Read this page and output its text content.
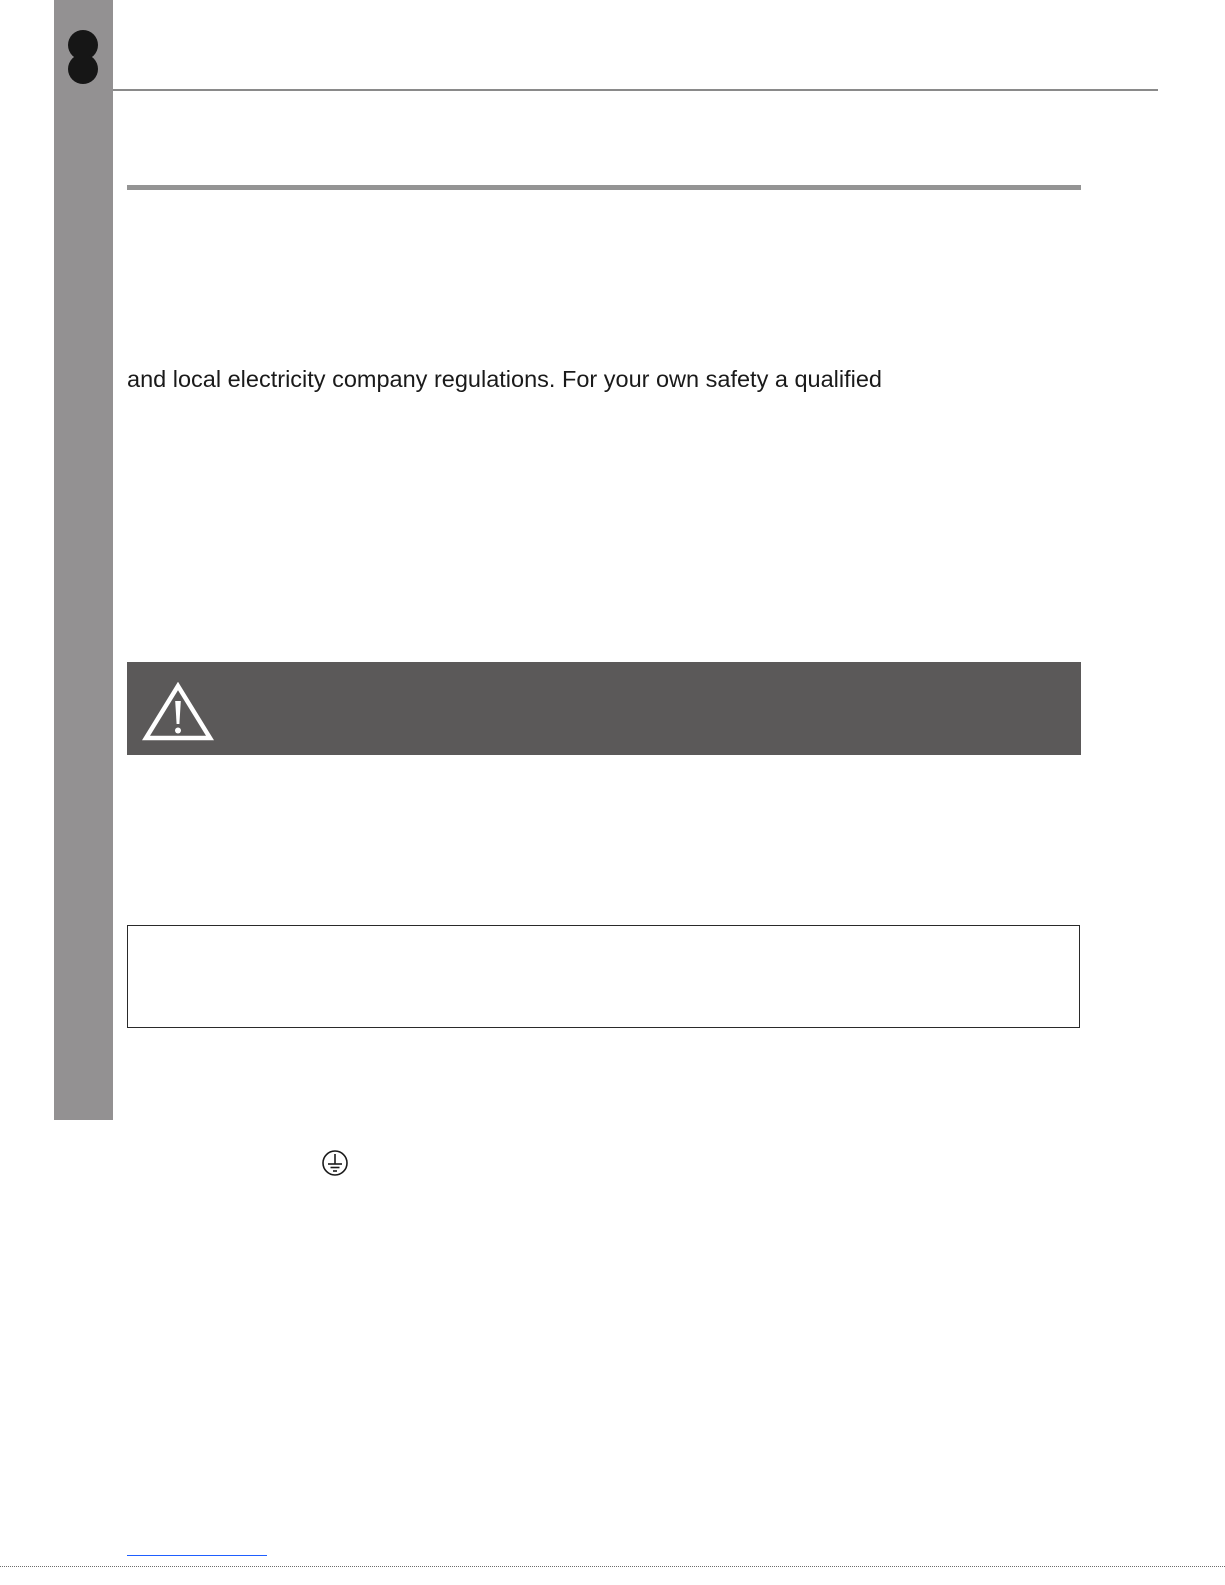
and local electricity company regulations. For your own safety a qualified
